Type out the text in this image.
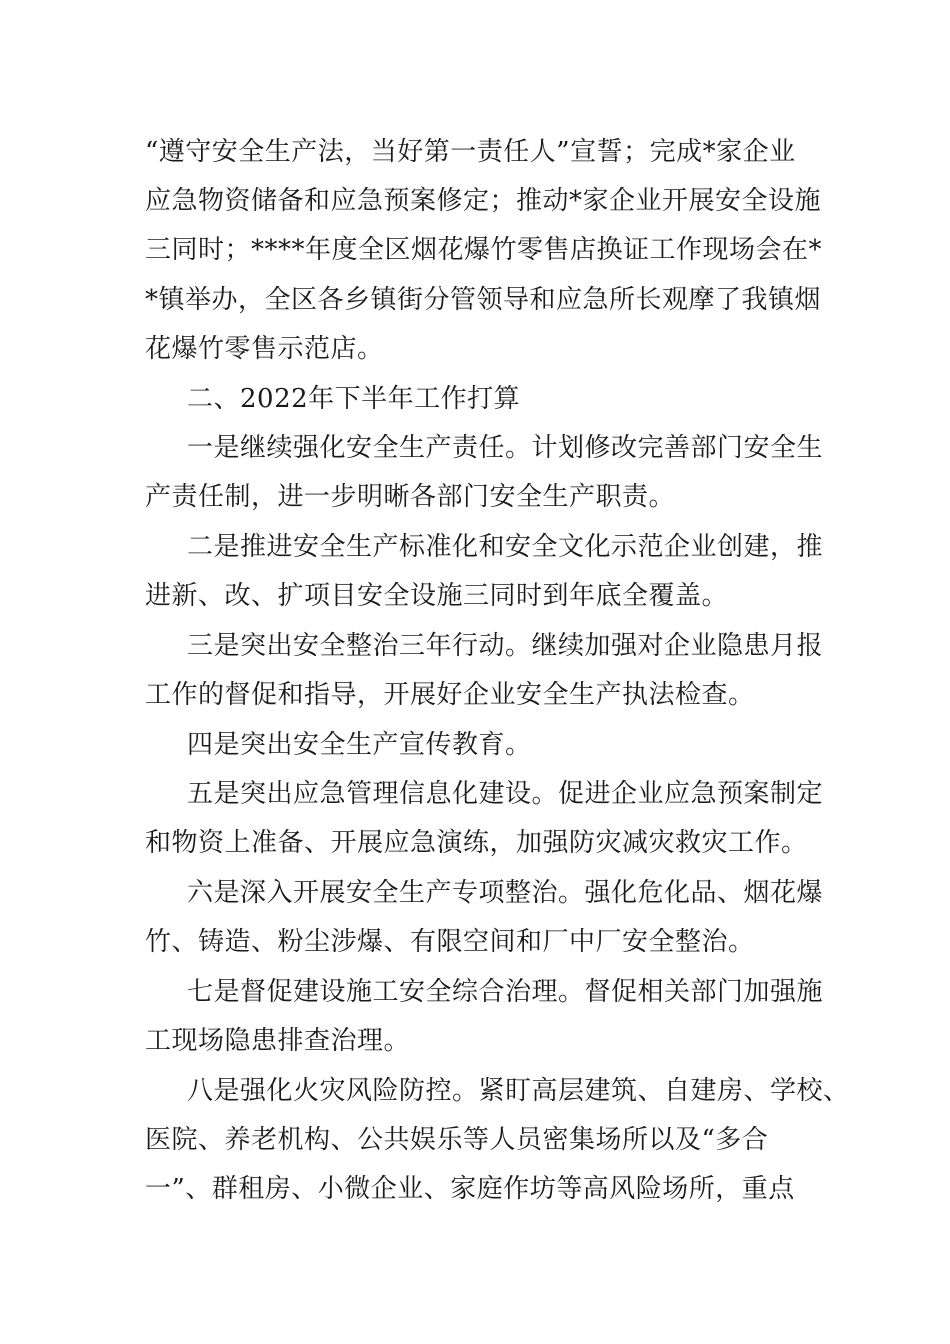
“遵守安全生产法，当好第一责任人”宣誓；完成*家企业
应急物资储备和应急预案修定；推动*家企业开展安全设施
三同时；****年度全区烟花爆竹零售店换证工作现场会在*
*镇举办，全区各乡镇街分管领导和应急所长观摩了我镇烟
花爆竹零售示范店。
二、2022年下半年工作打算
一是继续强化安全生产责任。计划修改完善部门安全生
产责任制，进一步明晰各部门安全生产职责。
二是推进安全生产标准化和安全文化示范企业创建，推
进新、改、扩项目安全设施三同时到年底全覆盖。
三是突出安全整治三年行动。继续加强对企业隐患月报
工作的督促和指导，开展好企业安全生产执法检查。
四是突出安全生产宣传教育。
五是突出应急管理信息化建设。促进企业应急预案制定
和物资上准备、开展应急演练，加强防灾减灾救灾工作。
六是深入开展安全生产专项整治。强化危化品、烟花爆
竹、铸造、粉尘涉爆、有限空间和厂中厂安全整治。
七是督促建设施工安全综合治理。督促相关部门加强施
工现场隐患排查治理。
八是强化火灾风险防控。紧盯高层建筑、自建房、学校、
医院、养老机构、公共娱乐等人员密集场所以及“多合
一”、群租房、小微企业、家庭作坊等高风险场所，重点
